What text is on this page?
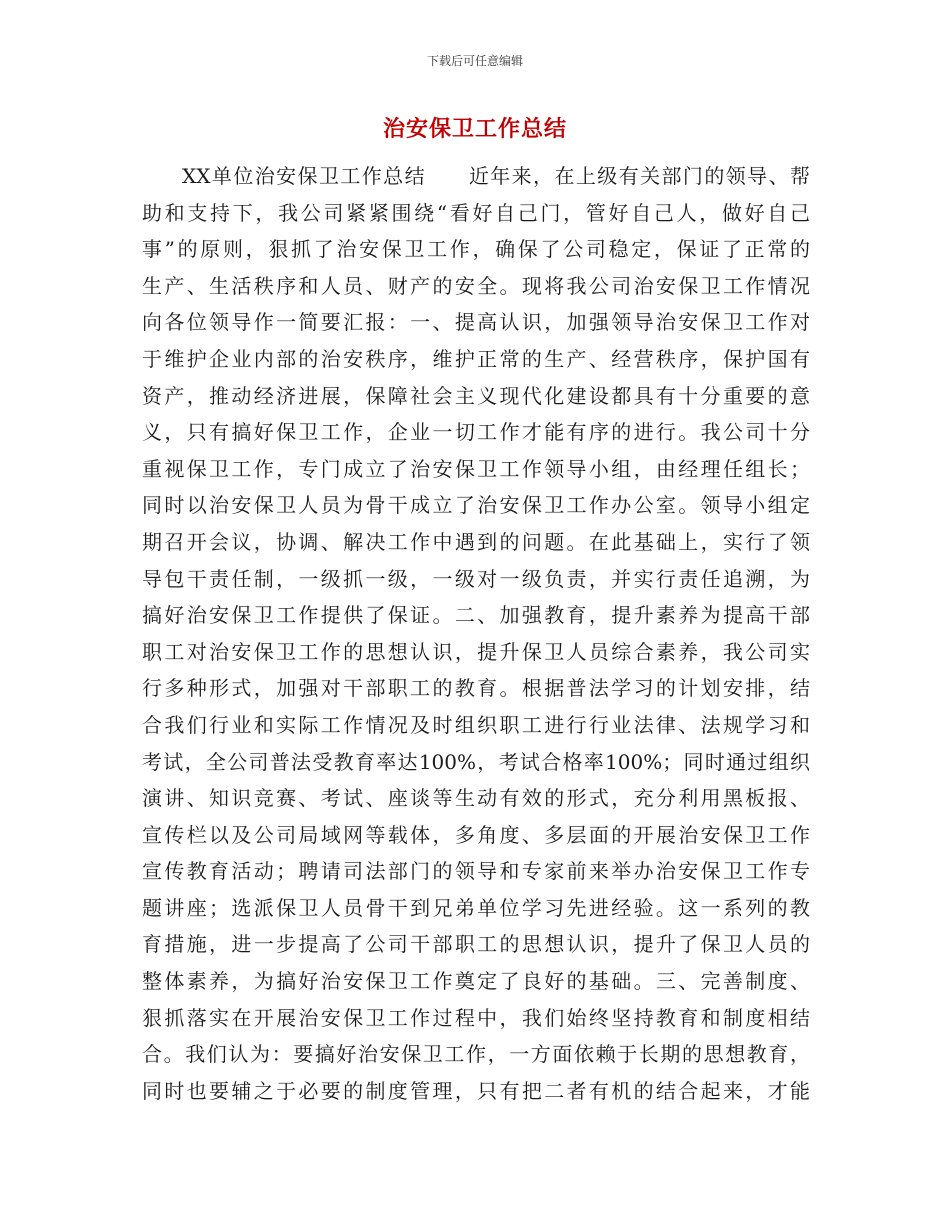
下载后可任意编辑
治安保卫工作总结
XX单位治安保卫工作总结　　近年来，在上级有关部门的领导、帮
助和支持下，我公司紧紧围绕“看好自己门，管好自己人，做好自己
事”的原则，狠抓了治安保卫工作，确保了公司稳定，保证了正常的
生产、生活秩序和人员、财产的安全。现将我公司治安保卫工作情况
向各位领导作一简要汇报：一、提高认识，加强领导治安保卫工作对
于维护企业内部的治安秩序，维护正常的生产、经营秩序，保护国有
资产，推动经济进展，保障社会主义现代化建设都具有十分重要的意
义，只有搞好保卫工作，企业一切工作才能有序的进行。我公司十分
重视保卫工作，专门成立了治安保卫工作领导小组，由经理任组长；
同时以治安保卫人员为骨干成立了治安保卫工作办公室。领导小组定
期召开会议，协调、解决工作中遇到的问题。在此基础上，实行了领
导包干责任制，一级抓一级，一级对一级负责，并实行责任追溯，为
搞好治安保卫工作提供了保证。二、加强教育，提升素养为提高干部
职工对治安保卫工作的思想认识，提升保卫人员综合素养，我公司实
行多种形式，加强对干部职工的教育。根据普法学习的计划安排，结
合我们行业和实际工作情况及时组织职工进行行业法律、法规学习和
考试，全公司普法受教育率达100%，考试合格率100%；同时通过组织
演讲、知识竞赛、考试、座谈等生动有效的形式，充分利用黑板报、
宣传栏以及公司局域网等载体，多角度、多层面的开展治安保卫工作
宣传教育活动；聘请司法部门的领导和专家前来举办治安保卫工作专
题讲座；选派保卫人员骨干到兄弟单位学习先进经验。这一系列的教
育措施，进一步提高了公司干部职工的思想认识，提升了保卫人员的
整体素养，为搞好治安保卫工作奠定了良好的基础。三、完善制度、
狠抓落实在开展治安保卫工作过程中，我们始终坚持教育和制度相结
合。我们认为：要搞好治安保卫工作，一方面依赖于长期的思想教育，
同时也要辅之于必要的制度管理，只有把二者有机的结合起来，才能
